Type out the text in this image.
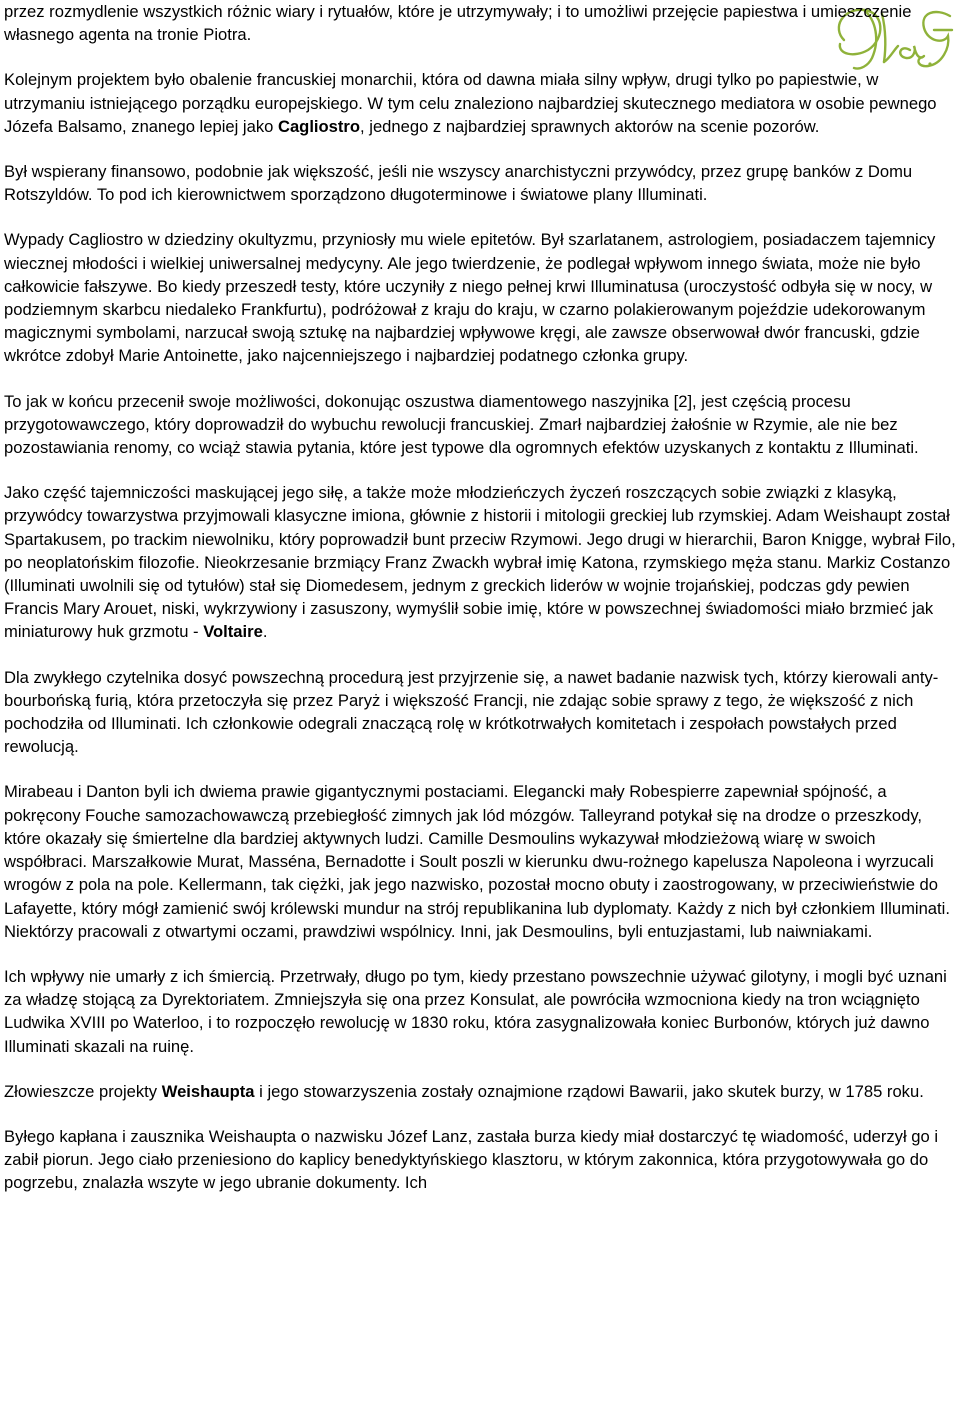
przez rozmydlenie wszystkich różnic wiary i rytuałów, które je utrzymywały; i to umożliwi przejęcie papiestwa i umieszczenie własnego agenta na tronie Piotra.

Kolejnym projektem było obalenie francuskiej monarchii, która od dawna miała silny wpływ, drugi tylko po papiestwie, w utrzymaniu istniejącego porządku europejskiego. W tym celu znaleziono najbardziej skutecznego mediatora w osobie pewnego Józefa Balsamo, znanego lepiej jako Cagliostro, jednego z najbardziej sprawnych aktorów na scenie pozorów.

Był wspierany finansowo, podobnie jak większość, jeśli nie wszyscy anarchistyczni przywódcy, przez grupę banków z Domu Rotszyldów. To pod ich kierownictwem sporządzono długoterminowe i światowe plany Illuminati.

Wypady Cagliostro w dziedziny okultyzmu, przyniosły mu wiele epitetów. Był szarlatanem, astrologiem, posiadaczem tajemnicy wiecznej młodości i wielkiej uniwersalnej medycyny. Ale jego twierdzenie, że podlegał wpływom innego świata, może nie było całkowicie fałszywe. Bo kiedy przeszedł testy, które uczyniły z niego pełnej krwi Illuminatusa (uroczystość odbyła się w nocy, w podziemnym skarbcu niedaleko Frankfurtu), podróżował z kraju do kraju, w czarno polakierowanym pojeździe udekorowanym magicznymi symbolami, narzucał swoją sztukę na najbardziej wpływowe kręgi, ale zawsze obserwował dwór francuski, gdzie wkrótce zdobył Marie Antoinette, jako najcenniejszego i najbardziej podatnego członka grupy.

To jak w końcu przecenił swoje możliwości, dokonując oszustwa diamentowego naszyjnika [2], jest częścią procesu przygotowawczego, który doprowadził do wybuchu rewolucji francuskiej. Zmarł najbardziej żałośnie w Rzymie, ale nie bez pozostawiania renomy, co wciąż stawia pytania, które jest typowe dla ogromnych efektów uzyskanych z kontaktu z Illuminati.

Jako część tajemniczości maskującej jego siłę, a także może młodzieńczych życzeń roszczących sobie związki z klasyką, przywódcy towarzystwa przyjmowali klasyczne imiona, głównie z historii i mitologii greckiej lub rzymskiej. Adam Weishaupt został Spartakusem, po trackim niewolniku, który poprowadził bunt przeciw Rzymowi. Jego drugi w hierarchii, Baron Knigge, wybrał Filo, po neoplatońskim filozofie. Nieokrzesanie brzmiący Franz Zwackh wybrał imię Katona, rzymskiego męża stanu. Markiz Costanzo (Illuminati uwolnili się od tytułów) stał się Diomedesem, jednym z greckich liderów w wojnie trojańskiej, podczas gdy pewien Francis Mary Arouet, niski, wykrzywiony i zasuszony, wymyślił sobie imię, które w powszechnej świadomości miało brzmieć jak miniaturowy huk grzmotu - Voltaire.

Dla zwykłego czytelnika dosyć powszechną procedurą jest przyjrzenie się, a nawet badanie nazwisk tych, którzy kierowali anty-bourbońską furią, która przetoczyła się przez Paryż i większość Francji, nie zdając sobie sprawy z tego, że większość z nich pochodziła od Illuminati. Ich członkowie odegrali znaczącą rolę w krótkotrwałych komitetach i zespołach powstałych przed rewolucją.

Mirabeau i Danton byli ich dwiema prawie gigantycznymi postaciami. Elegancki mały Robespierre zapewniał spójność, a pokręcony Fouche samozachowawczą przebiegłość zimnych jak lód mózgów. Talleyrand potykał się na drodze o przeszkody, które okazały się śmiertelne dla bardziej aktywnych ludzi. Camille Desmoulins wykazywał młodzieżową wiarę w swoich współbraci. Marszałkowie Murat, Masséna, Bernadotte i Soult poszli w kierunku dwu-rożnego kapelusza Napoleona i wyrzucali wrogów z pola na pole. Kellermann, tak ciężki, jak jego nazwisko, pozostał mocno obuty i zaostrogowany, w przeciwieństwie do Lafayette, który mógł zamienić swój królewski mundur na strój republikanina lub dyplomaty. Każdy z nich był członkiem Illuminati. Niektórzy pracowali z otwartymi oczami, prawdziwi wspólnicy. Inni, jak Desmoulins, byli entuzjastami, lub naiwniakami.

Ich wpływy nie umarły z ich śmiercią. Przetrwały, długo po tym, kiedy przestano powszechnie używać gilotyny, i mogli być uznani za władzę stojącą za Dyrektoriatem. Zmniejszyła się ona przez Konsulat, ale powróciła wzmocniona kiedy na tron wciągnięto Ludwika XVIII po Waterloo, i to rozpoczęło rewolucję w 1830 roku, która zasygnalizowała koniec Burbonów, których już dawno Illuminati skazali na ruinę.

Złowieszcze projekty Weishaupta i jego stowarzyszenia zostały oznajmione rządowi Bawarii, jako skutek burzy, w 1785 roku.

Byłego kapłana i zausznika Weishaupta o nazwisku Józef Lanz, zastała burza kiedy miał dostarczyć tę wiadomość, uderzył go i zabił piorun. Jego ciało przeniesiono do kaplicy benedyktyńskiego klasztoru, w którym zakonnica, która przygotowywała go do pogrzebu, znalazła wszyte w jego ubranie dokumenty. Ich
